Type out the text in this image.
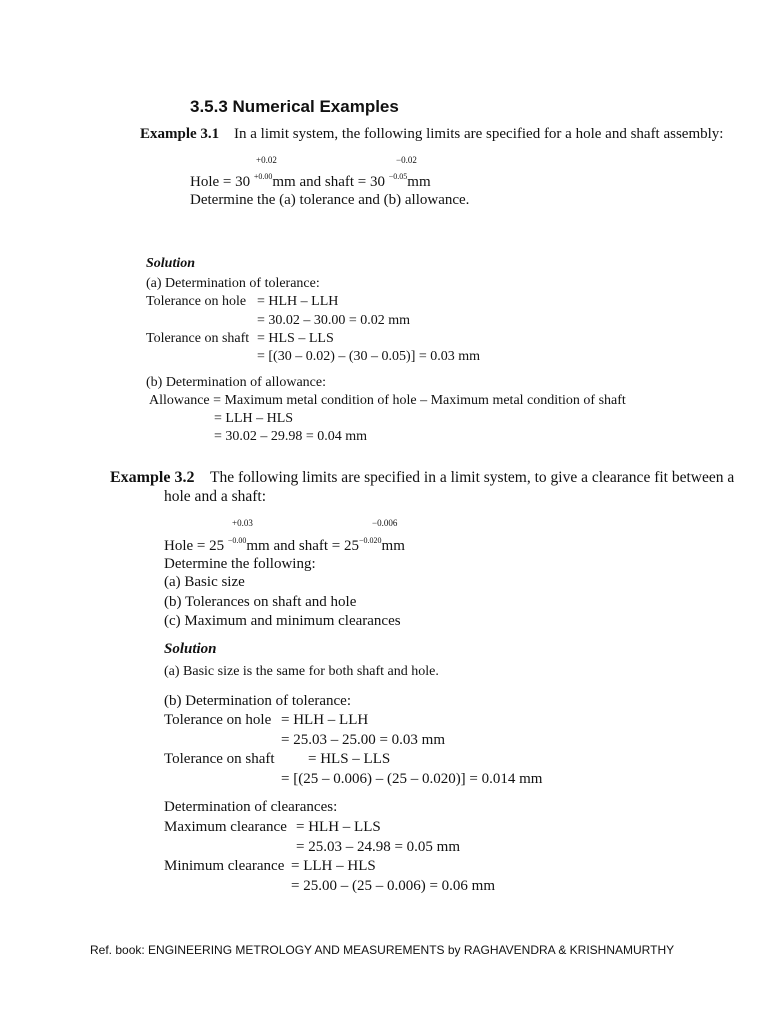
3.5.3 Numerical Examples
Example 3.1 In a limit system, the following limits are specified for a hole and shaft assembly:
+0.02	−0.02
Hole = 30 $^{+0.00}$mm and shaft = 30 $^{-0.05}$mm
Determine the (a) tolerance and (b) allowance.
Solution
(a) Determination of tolerance:
Tolerance on hole = HLH – LLH
= 30.02 – 30.00 = 0.02 mm
Tolerance on shaft = HLS – LLS
= [(30 – 0.02) – (30 – 0.05)] = 0.03 mm
(b) Determination of allowance:
Allowance = Maximum metal condition of hole – Maximum metal condition of shaft
= LLH – HLS
= 30.02 – 29.98 = 0.04 mm
Example 3.2 The following limits are specified in a limit system, to give a clearance fit between a
hole and a shaft:
+0.03	−0.006
Hole = 25 $^{-0.00}$mm and shaft = $25^{-0.020}mm$
Determine the following:
(a) Basic size
(b) Tolerances on shaft and hole
(c) Maximum and minimum clearances
Solution
(a) Basic size is the same for both shaft and hole.
(b) Determination of tolerance:
Tolerance on hole = HLH – LLH
= 25.03 – 25.00 = 0.03 mm
Tolerance on shaft = HLS – LLS
= [(25 – 0.006) – (25 – 0.020)] = 0.014 mm
Determination of clearances:
Maximum clearance = HLH – LLS
= 25.03 – 24.98 = 0.05 mm
Minimum clearance = LLH – HLS
= 25.00 – (25 – 0.006) = 0.06 mm
Ref. book: ENGINEERING METROLOGY AND MEASUREMENTS by RAGHAVENDRA & KRISHNAMURTHY
